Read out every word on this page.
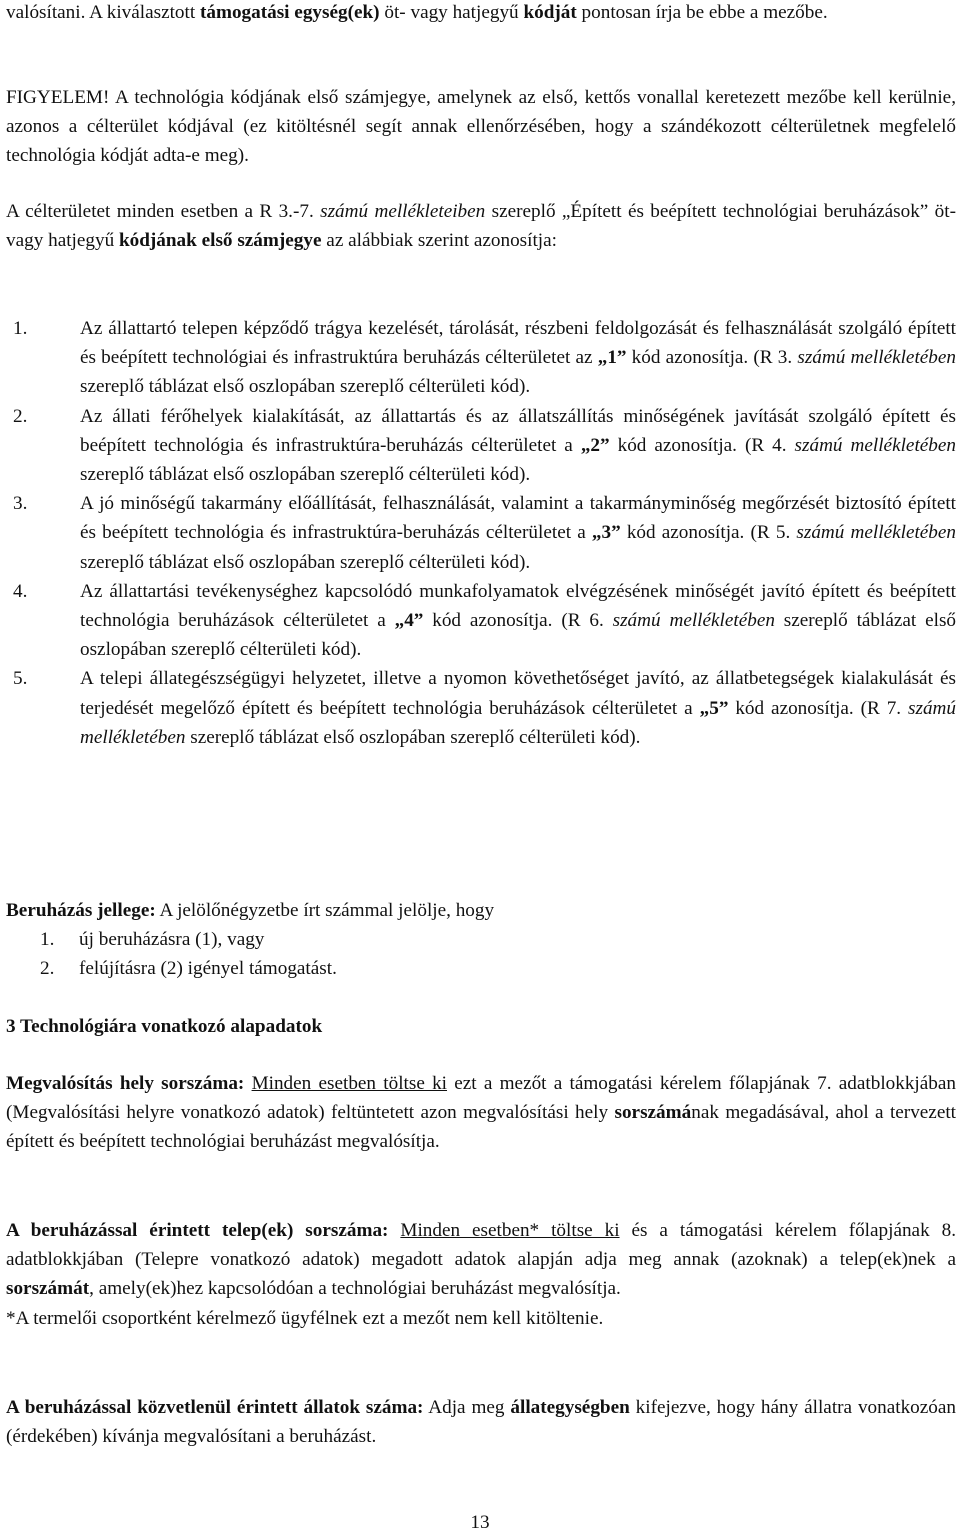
valósítani. A kiválasztott támogatási egység(ek) öt- vagy hatjegyű kódját pontosan írja be ebbe a mezőbe.

FIGYELEM! A technológia kódjának első számjegye, amelynek az első, kettős vonallal keretezett mezőbe kell kerülnie, azonos a célterület kódjával (ez kitöltésnél segít annak ellenőrzésében, hogy a szándékozott célterületnek megfelelő technológia kódját adta-e meg).

A célterületet minden esetben a R 3.-7. számú mellékleteiben szereplő „Épített és beépített technológiai beruházások” öt- vagy hatjegyű kódjának első számjegye az alábbiak szerint azonosítja:

1.	Az állattartó telepen képződő trágya kezelését, tárolását, részbeni feldolgozását és felhasználását szolgáló épített és beépített technológiai és infrastruktúra beruházás célterületet az „1” kód azonosítja. (R 3. számú mellékletében szereplő táblázat első oszlopában szereplő célterületi kód).
2.	Az állati férőhelyek kialakítását, az állattartás és az állatszállítás minőségének javítását szolgáló épített és beépített technológia és infrastruktúra-beruházás célterületet a „2” kód azonosítja. (R 4. számú mellékletében szereplő táblázat első oszlopában szereplő célterületi kód).
3.	A jó minőségű takarmány előállítását, felhasználását, valamint a takarmányminőség megőrzését biztosító épített és beépített technológia és infrastruktúra-beruházás célterületet a „3” kód azonosítja. (R 5. számú mellékletében szereplő táblázat első oszlopában szereplő célterületi kód).
4.	Az állattartási tevékenységhez kapcsolódó munkafolyamatok elvégzésének minőségét javító épített és beépített technológia beruházások célterületet a „4” kód azonosítja. (R 6. számú mellékletében szereplő táblázat első oszlopában szereplő célterületi kód).
5.	A telepi állategészségügyi helyzetet, illetve a nyomon követhetőséget javító, az állatbetegségek kialakulását és terjedését megelőző épített és beépített technológia beruházások célterületet a „5” kód azonosítja. (R 7. számú mellékletében szereplő táblázat első oszlopában szereplő célterületi kód).

Beruházás jellege: A jelölőnégyzetbe írt számmal jelölje, hogy

1. új beruházásra (1), vagy
2. felújításra (2) igényel támogatást.

3 Technológiára vonatkozó alapadatok

Megvalósítás hely sorszáma: Minden esetben töltse ki ezt a mezőt a támogatási kérelem főlapjának 7. adatblokkjában (Megvalósítási helyre vonatkozó adatok) feltüntetett azon megvalósítási hely sorszámának megadásával, ahol a tervezett épített és beépített technológiai beruházást megvalósítja.

A beruházással érintett telep(ek) sorszáma: Minden esetben* töltse ki és a támogatási kérelem főlapjának 8. adatblokkjában (Telepre vonatkozó adatok) megadott adatok alapján adja meg annak (azoknak) a telep(ek)nek a sorszámát, amely(ek)hez kapcsolódóan a technológiai beruházást megvalósítja.

*A termelői csoportként kérelmező ügyfélnek ezt a mezőt nem kell kitöltenie.

A beruházással közvetlenül érintett állatok száma: Adja meg állategységben kifejezve, hogy hány állatra vonatkozóan (érdekében) kívánja megvalósítani a beruházást.

13
